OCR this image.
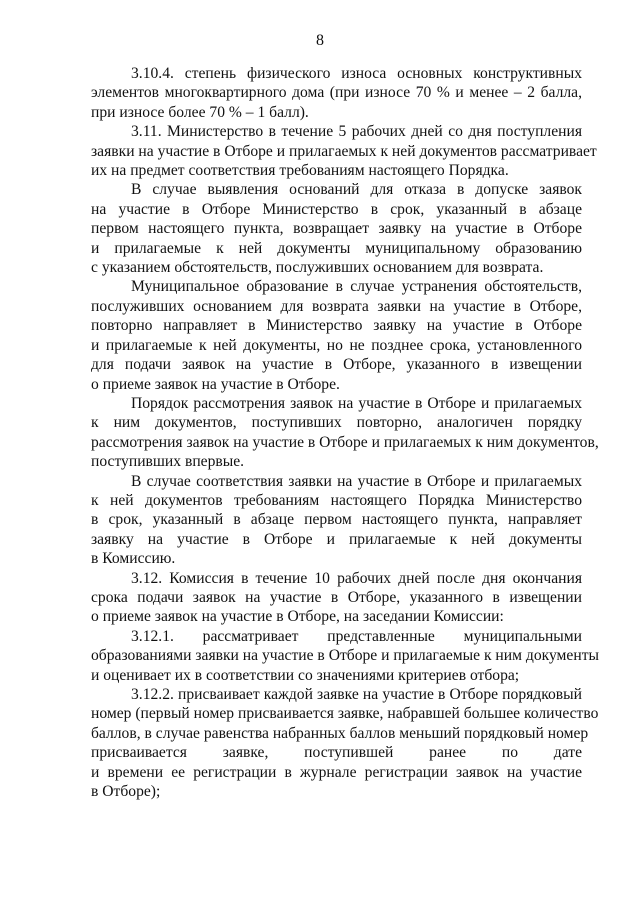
8
3.10.4. степень физического износа основных конструктивных
элементов многоквартирного дома (при износе 70 % и менее – 2 балла,
при износе более 70 % – 1 балл).
3.11. Министерство в течение 5 рабочих дней со дня поступления
заявки на участие в Отборе и прилагаемых к ней документов рассматривает
их на предмет соответствия требованиям настоящего Порядка.
В случае выявления оснований для отказа в допуске заявок
на участие в Отборе Министерство в срок, указанный в абзаце
первом настоящего пункта, возвращает заявку на участие в Отборе
и прилагаемые к ней документы муниципальному образованию
с указанием обстоятельств, послуживших основанием для возврата.
Муниципальное образование в случае устранения обстоятельств,
послуживших основанием для возврата заявки на участие в Отборе,
повторно направляет в Министерство заявку на участие в Отборе
и прилагаемые к ней документы, но не позднее срока, установленного
для подачи заявок на участие в Отборе, указанного в извещении
о приеме заявок на участие в Отборе.
Порядок рассмотрения заявок на участие в Отборе и прилагаемых
к ним документов, поступивших повторно, аналогичен порядку
рассмотрения заявок на участие в Отборе и прилагаемых к ним документов,
поступивших впервые.
В случае соответствия заявки на участие в Отборе и прилагаемых
к ней документов требованиям настоящего Порядка Министерство
в срок, указанный в абзаце первом настоящего пункта, направляет
заявку на участие в Отборе и прилагаемые к ней документы
в Комиссию.
3.12. Комиссия в течение 10 рабочих дней после дня окончания
срока подачи заявок на участие в Отборе, указанного в извещении
о приеме заявок на участие в Отборе, на заседании Комиссии:
3.12.1. рассматривает представленные муниципальными
образованиями заявки на участие в Отборе и прилагаемые к ним документы
и оценивает их в соответствии со значениями критериев отбора;
3.12.2. присваивает каждой заявке на участие в Отборе порядковый
номер (первый номер присваивается заявке, набравшей большее количество
баллов, в случае равенства набранных баллов меньший порядковый номер
присваивается заявке, поступившей ранее по дате
и времени ее регистрации в журнале регистрации заявок на участие
в Отборе);
